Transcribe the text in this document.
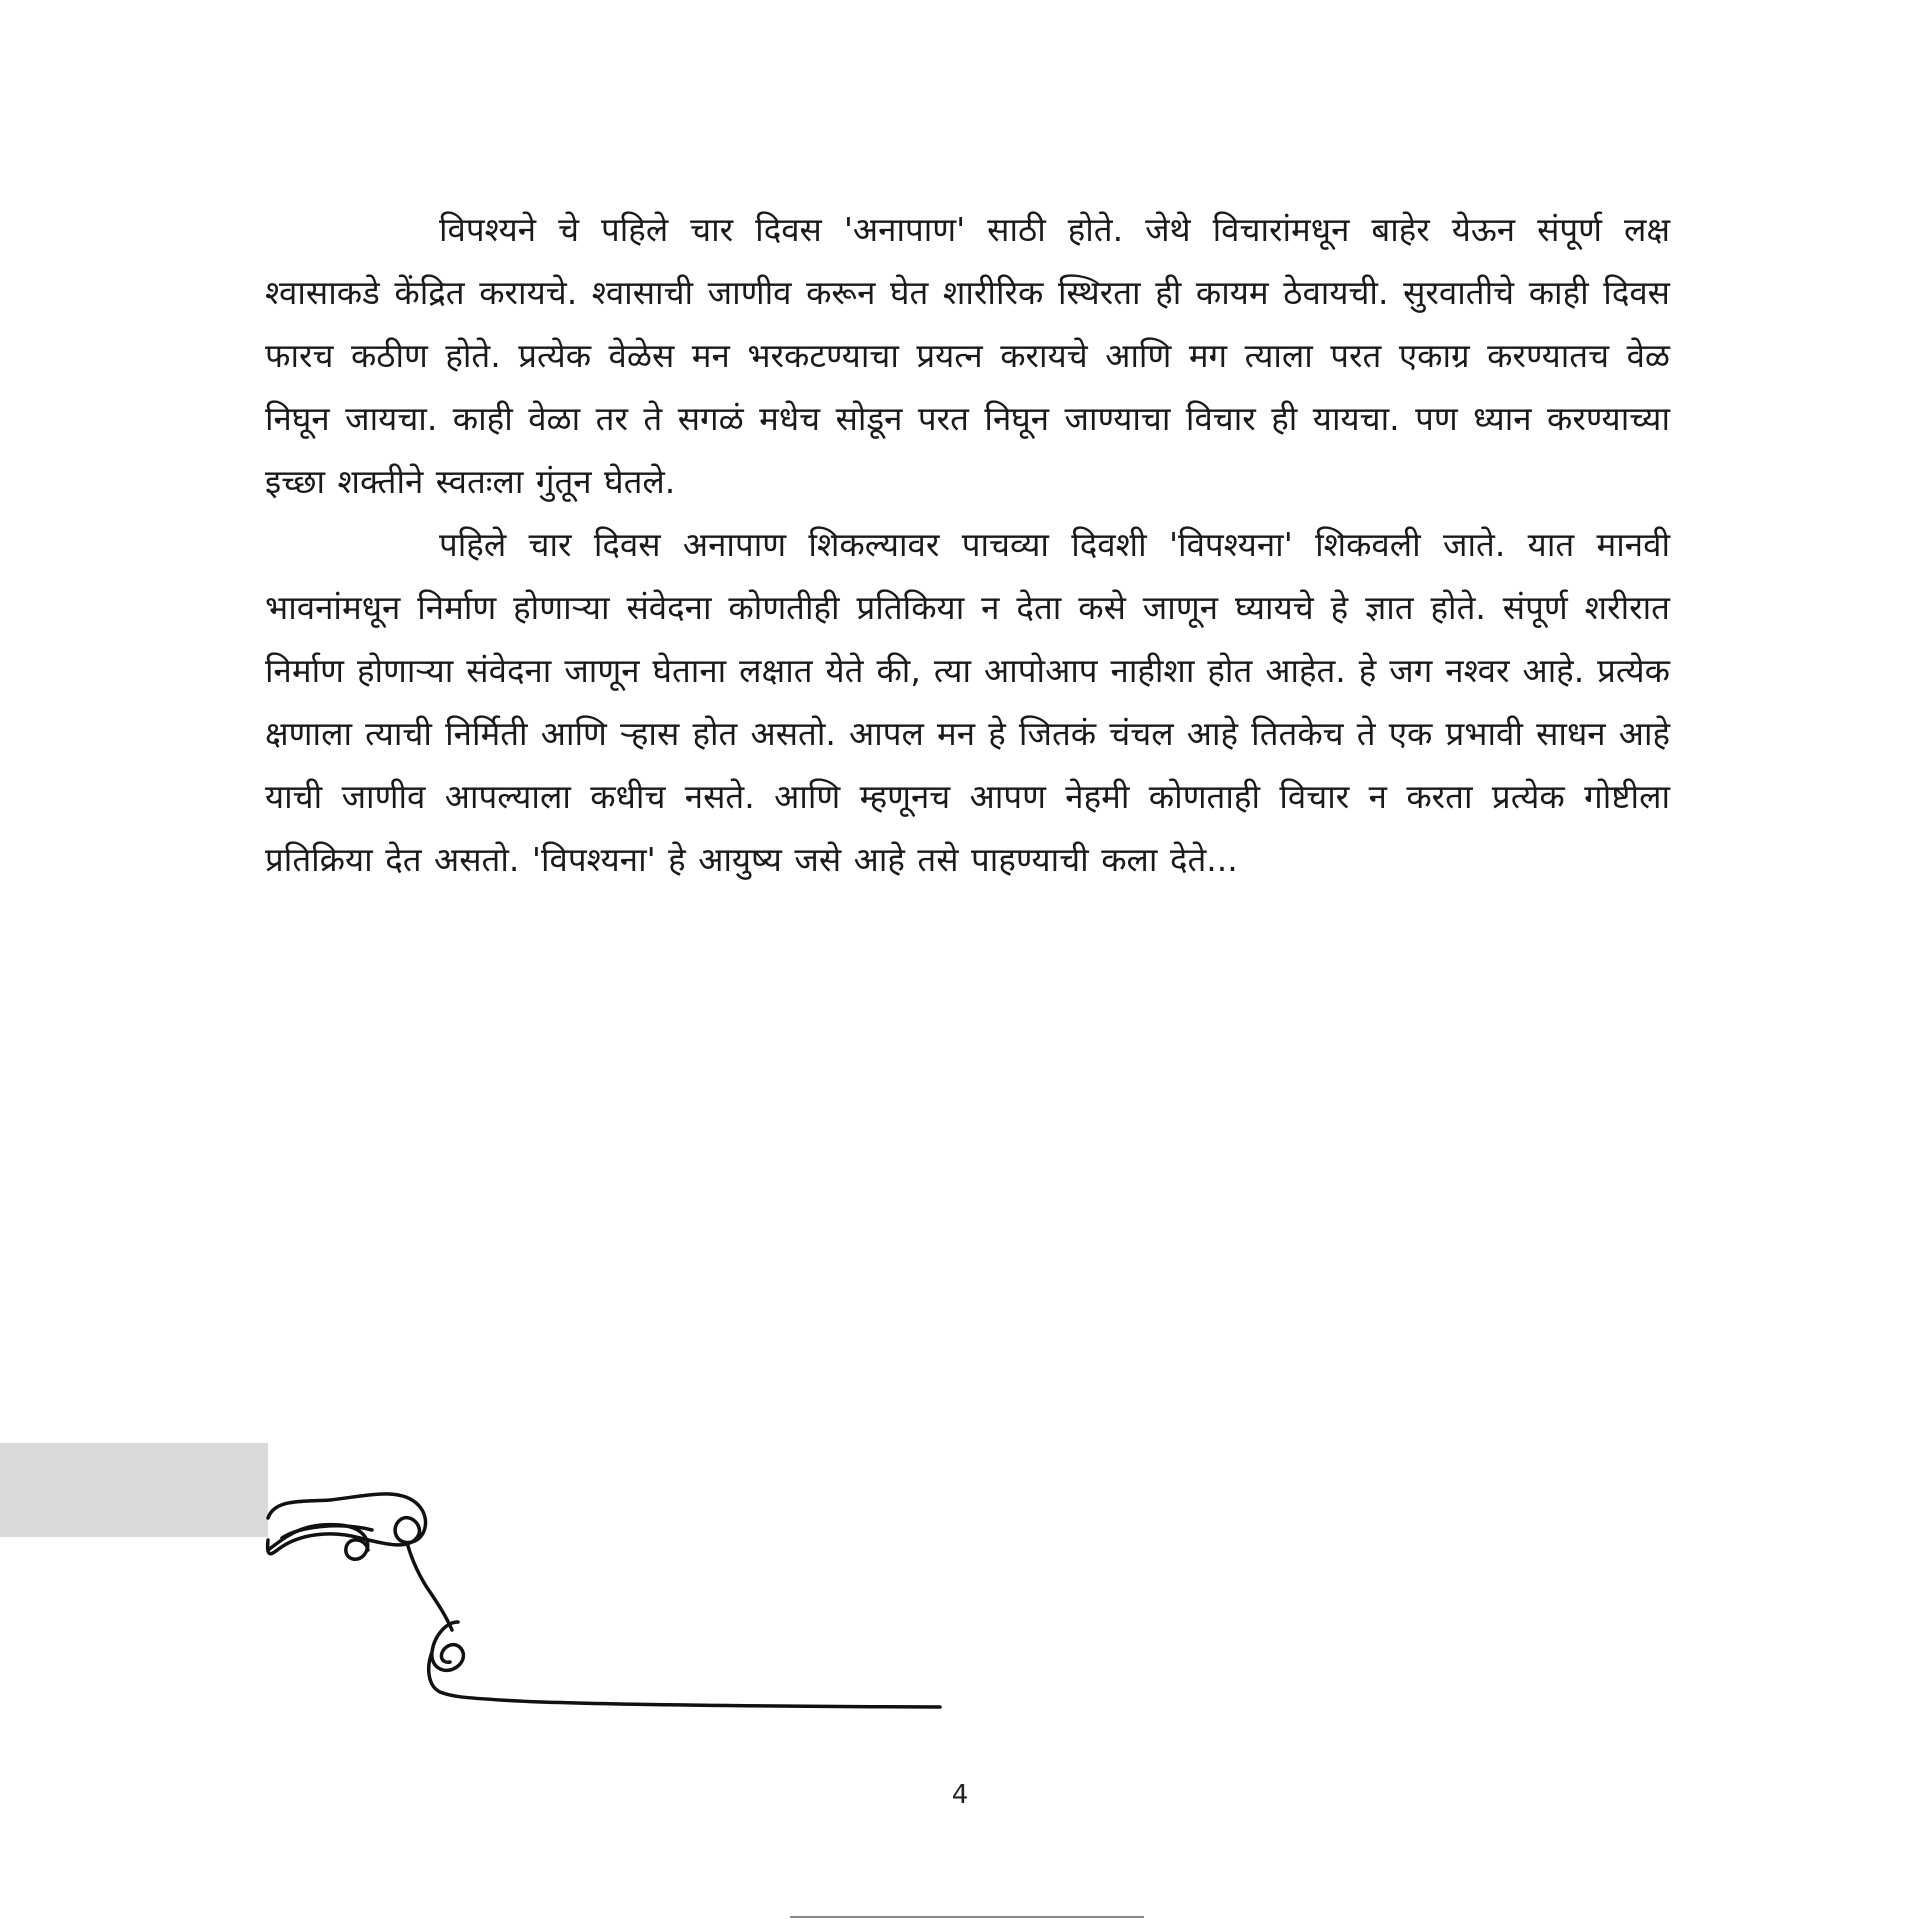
विपश्यने चे पहिले चार दिवस 'अनापाण' साठी होते. जेथे विचारांमधून बाहेर येऊन संपूर्ण लक्ष श्वासाकडे केंद्रित करायचे. श्वासाची जाणीव करून घेत शारीरिक स्थिरता ही कायम ठेवायची. सुरवातीचे काही दिवस फारच कठीण होते. प्रत्येक वेळेस मन भरकटण्याचा प्रयत्न करायचे आणि मग त्याला परत एकाग्र करण्यातच वेळ निघून जायचा. काही वेळा तर ते सगळं मधेच सोडून परत निघून जाण्याचा विचार ही यायचा. पण ध्यान करण्याच्या इच्छा शक्तीने स्वतःला गुंतून घेतले.

पहिले चार दिवस अनापाण शिकल्यावर पाचव्या दिवशी 'विपश्यना' शिकवली जाते. यात मानवी भावनांमधून निर्माण होणाऱ्या संवेदना कोणतीही प्रतिकिया न देता कसे जाणून घ्यायचे हे ज्ञात होते. संपूर्ण शरीरात निर्माण होणाऱ्या संवेदना जाणून घेताना लक्षात येते की, त्या आपोआप नाहीशा होत आहेत. हे जग नश्वर आहे. प्रत्येक क्षणाला त्याची निर्मिती आणि ऱ्हास होत असतो. आपल मन हे जितकं चंचल आहे तितकेच ते एक प्रभावी साधन आहे याची जाणीव आपल्याला कधीच नसते. आणि म्हणूनच आपण नेहमी कोणताही विचार न करता प्रत्येक गोष्टीला प्रतिक्रिया देत असतो. 'विपश्यना' हे आयुष्य जसे आहे तसे पाहण्याची कला देते...

4
